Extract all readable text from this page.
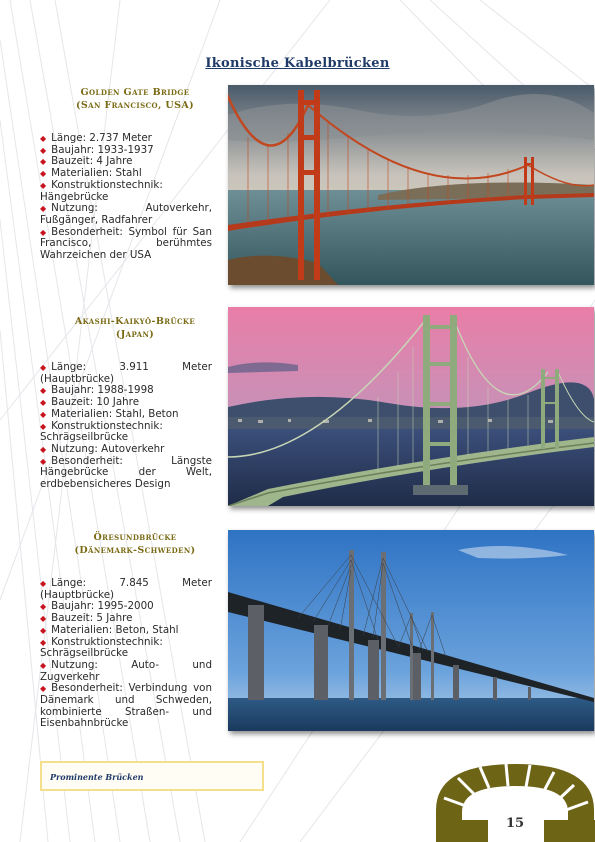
Ikonische Kabelbrücken
Golden Gate Bridge
(San Francisco, USA)
◆ Länge: 2.737 Meter
◆ Baujahr: 1933-1937
◆ Bauzeit: 4 Jahre
◆ Materialien: Stahl
◆ Konstruktionstechnik: Hängebrücke
◆ Nutzung: Autoverkehr, Fußgänger, Radfahrer
◆ Besonderheit: Symbol für San Francisco, berühmtes Wahrzeichen der USA
Akashi-Kaikyō-Brücke
(Japan)
◆ Länge: 3.911 Meter (Hauptbrücke)
◆ Baujahr: 1988-1998
◆ Bauzeit: 10 Jahre
◆ Materialien: Stahl, Beton
◆ Konstruktionstechnik: Schrägseilbrücke
◆ Nutzung: Autoverkehr
◆ Besonderheit: Längste Hängebrücke der Welt, erdbebensicheres Design
Öresundbrücke
(Dänemark-Schweden)
◆ Länge: 7.845 Meter (Hauptbrücke)
◆ Baujahr: 1995-2000
◆ Bauzeit: 5 Jahre
◆ Materialien: Beton, Stahl
◆ Konstruktionstechnik: Schrägseilbrücke
◆ Nutzung: Auto- und Zugverkehr
◆ Besonderheit: Verbindung von Dänemark und Schweden, kombinierte Straßen- und Eisenbahnbrücke
Prominente Brücken
15
